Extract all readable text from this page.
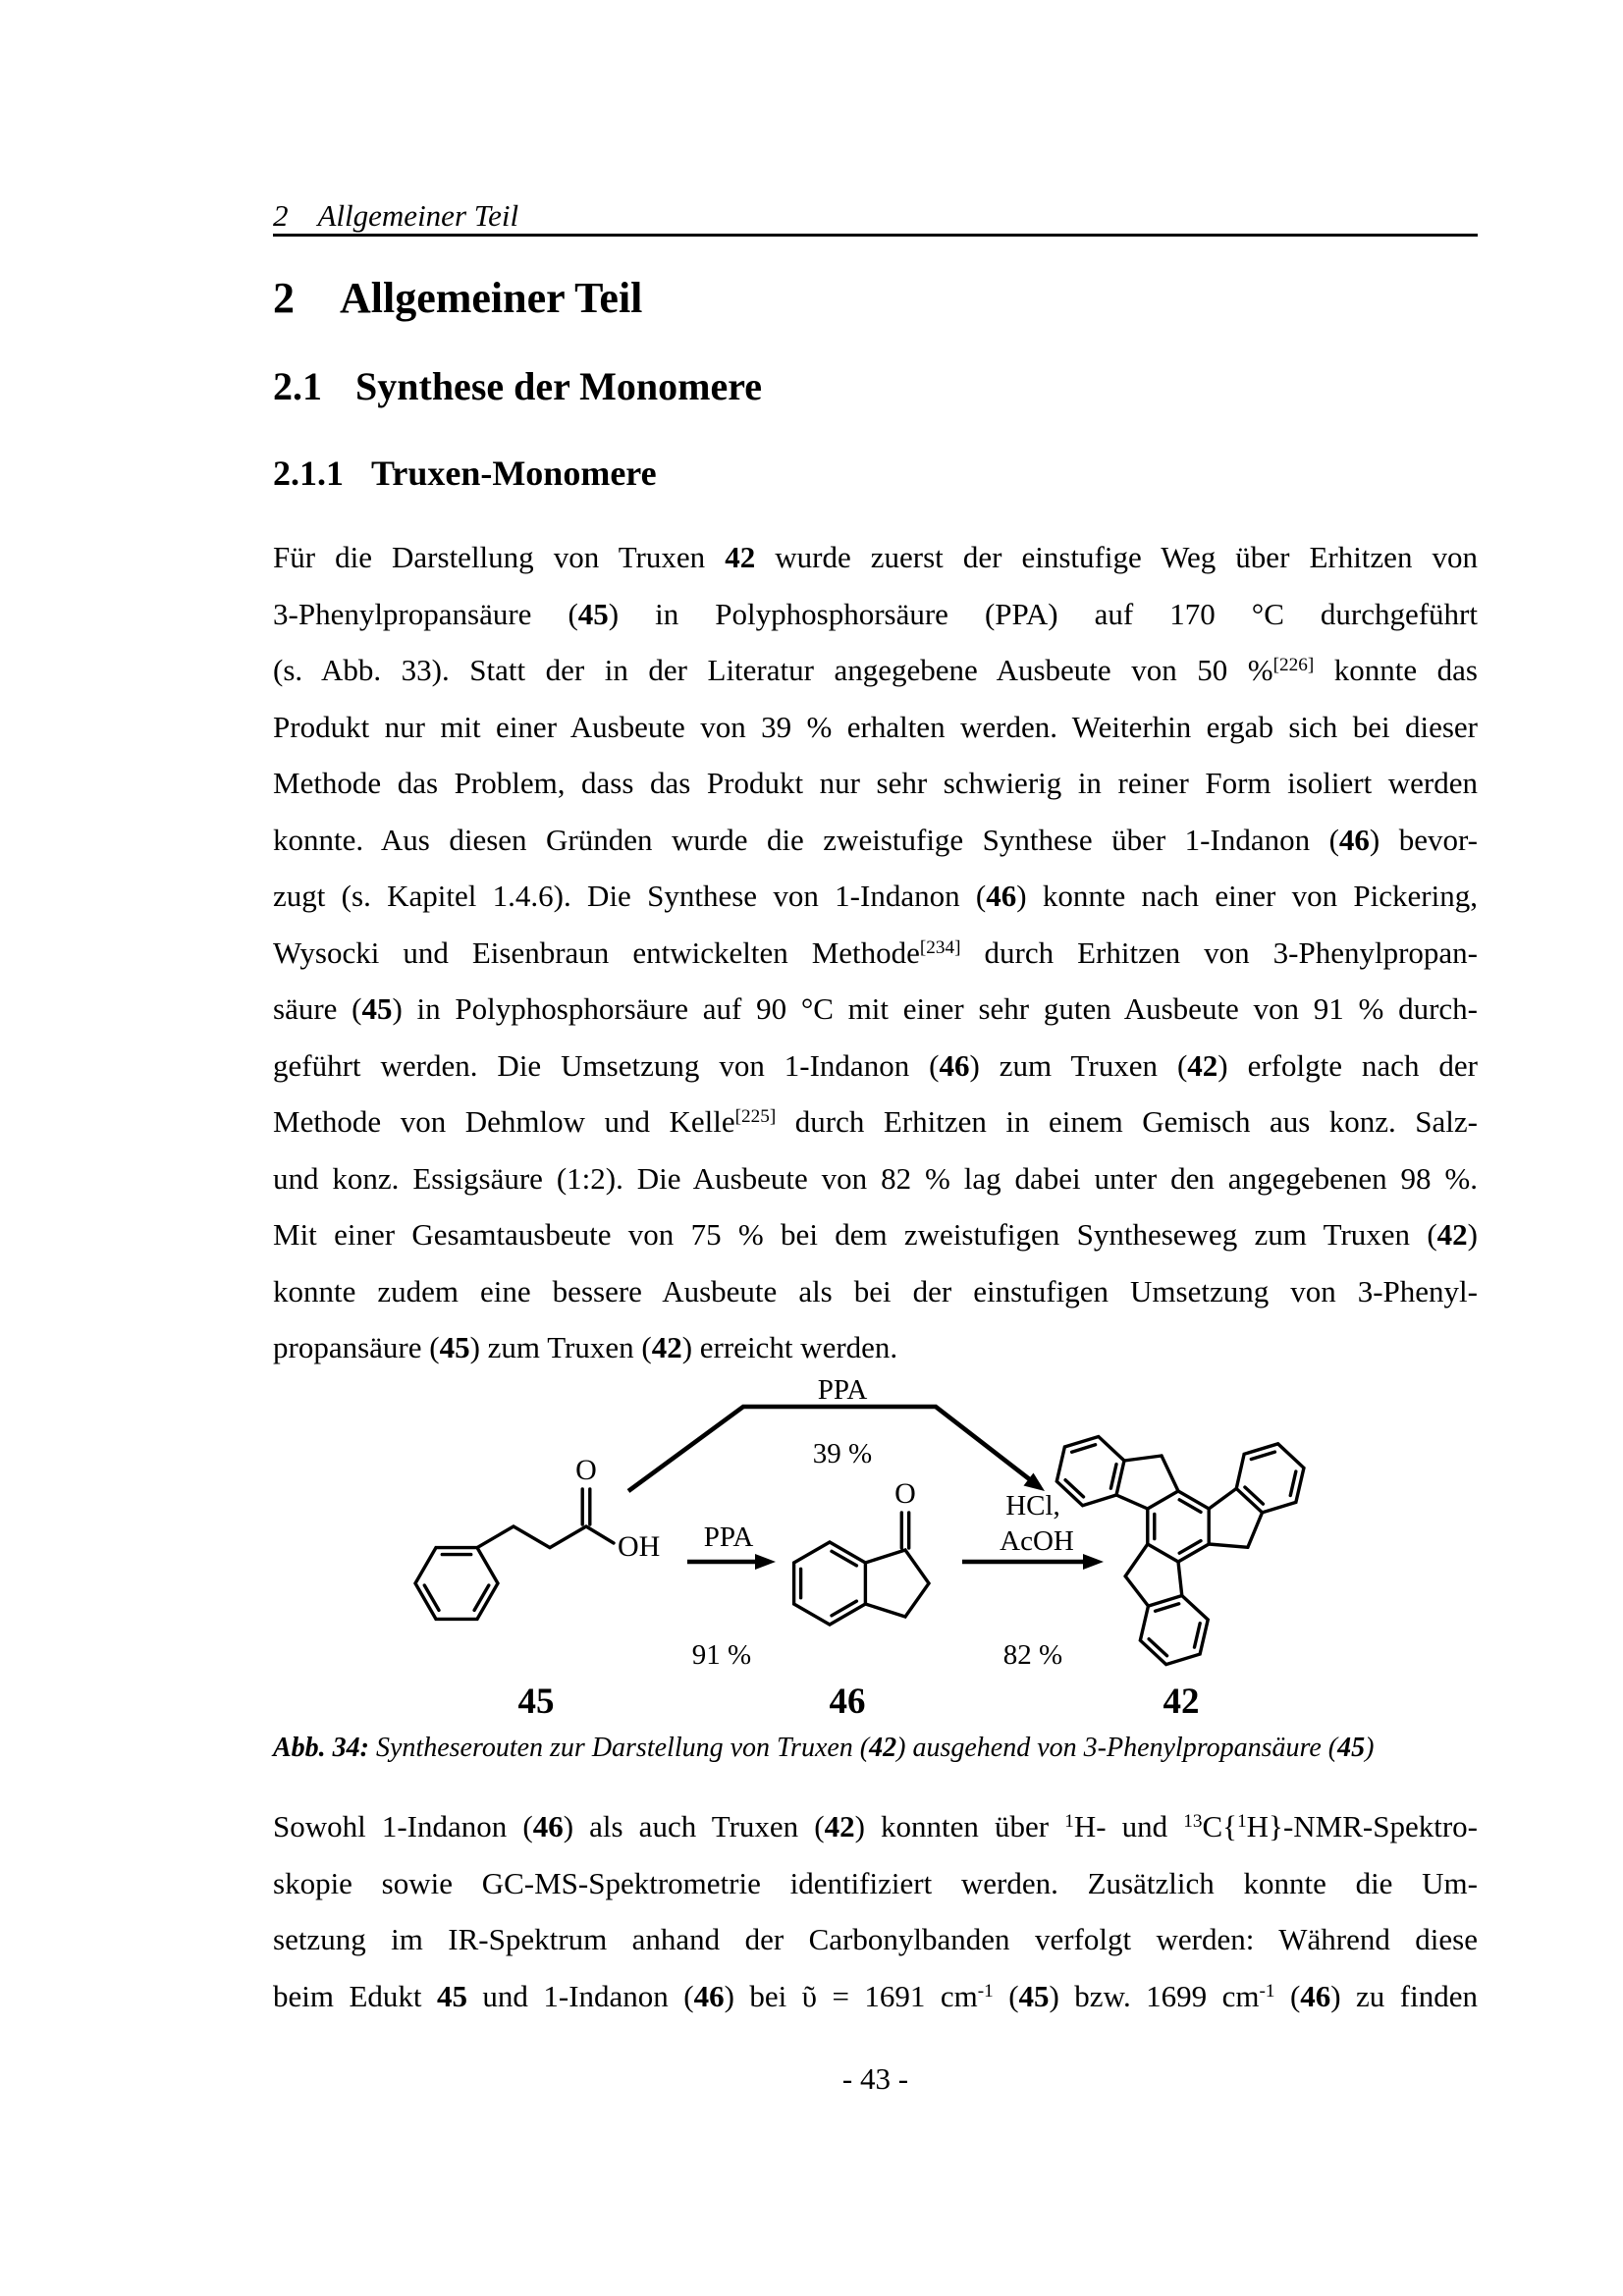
2 Allgemeiner Teil
2 Allgemeiner Teil
2.1 Synthese der Monomere
2.1.1 Truxen-Monomere
Für die Darstellung von Truxen 42 wurde zuerst der einstufige Weg über Erhitzen von
3-Phenylpropansäure (45) in Polyphosphorsäure (PPA) auf 170 °C durchgeführt
(s. Abb. 33). Statt der in der Literatur angegebene Ausbeute von 50 %[226] konnte das
Produkt nur mit einer Ausbeute von 39 % erhalten werden. Weiterhin ergab sich bei dieser
Methode das Problem, dass das Produkt nur sehr schwierig in reiner Form isoliert werden
konnte. Aus diesen Gründen wurde die zweistufige Synthese über 1-Indanon (46) bevor-
zugt (s. Kapitel 1.4.6). Die Synthese von 1-Indanon (46) konnte nach einer von Pickering,
Wysocki und Eisenbraun entwickelten Methode[234] durch Erhitzen von 3-Phenylpropan-
säure (45) in Polyphosphorsäure auf 90 °C mit einer sehr guten Ausbeute von 91 % durch-
geführt werden. Die Umsetzung von 1-Indanon (46) zum Truxen (42) erfolgte nach der
Methode von Dehmlow und Kelle[225] durch Erhitzen in einem Gemisch aus konz. Salz-
und konz. Essigsäure (1:2). Die Ausbeute von 82 % lag dabei unter den angegebenen 98 %.
Mit einer Gesamtausbeute von 75 % bei dem zweistufigen Syntheseweg zum Truxen (42)
konnte zudem eine bessere Ausbeute als bei der einstufigen Umsetzung von 3-Phenyl-
propansäure (45) zum Truxen (42) erreicht werden.
Sowohl 1-Indanon (46) als auch Truxen (42) konnten über $^1$H- und $^{13}$C{$^1$H}-NMR-Spektro-
skopie sowie GC-MS-Spektrometrie identifiziert werden. Zusätzlich konnte die Um-
setzung im IR-Spektrum anhand der Carbonylbanden verfolgt werden: Während diese
beim Edukt 45 und 1-Indanon (46) bei ῦ = 1691 $cm^{-1}$ (45) bzw. 1699 $cm^{-1}$ (46) zu finden
PPA
39 %
O
OH PPA
91 %
O	HCl,
AcOH
82 %
45	46	42
Abb. 34: Syntheserouten zur Darstellung von Truxen (42) ausgehend von 3-Phenylpropansäure (45)
- 43 -
